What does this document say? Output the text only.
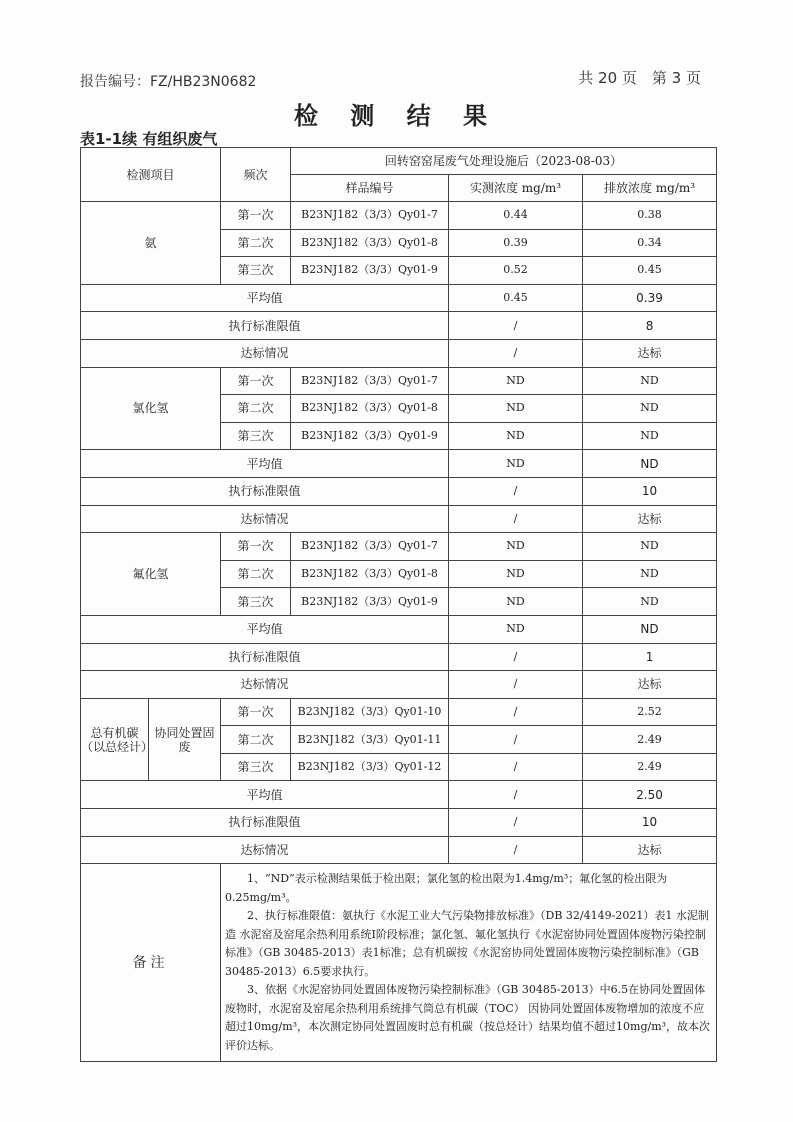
报告编号：FZ/HB23N0682	共 20 页　第 3 页
检 测 结 果
表1-1续 有组织废气
检测项目		频次	回转窑窑尾废气处理设施后（2023-08-03）		
			样品编号	实测浓度 mg/m³	排放浓度 mg/m³
氨		第一次	B23NJ182（3/3）Qy01-7	0.44	0.38
		第二次	B23NJ182（3/3）Qy01-8	0.39	0.34
		第三次	B23NJ182（3/3）Qy01-9	0.52	0.45
平均值				0.45	0.39
执行标准限值				/	8
达标情况				/	达标
氯化氢		第一次	B23NJ182（3/3）Qy01-7	ND	ND
		第二次	B23NJ182（3/3）Qy01-8	ND	ND
		第三次	B23NJ182（3/3）Qy01-9	ND	ND
平均值				ND	ND
执行标准限值				/	10
达标情况				/	达标
氟化氢		第一次	B23NJ182（3/3）Qy01-7	ND	ND
		第二次	B23NJ182（3/3）Qy01-8	ND	ND
		第三次	B23NJ182（3/3）Qy01-9	ND	ND
平均值				ND	ND
执行标准限值				/	1
达标情况				/	达标
总有机碳（以总烃计）	协同处置固废	第一次	B23NJ182（3/3）Qy01-10	/	2.52
		第二次	B23NJ182（3/3）Qy01-11	/	2.49
		第三次	B23NJ182（3/3）Qy01-12	/	2.49
平均值				/	2.50
执行标准限值				/	10
达标情况				/	达标
备注		1、“ND”表示检测结果低于检出限；氯化氢的检出限为1.4mg/m³；氟化氢的检出限为0.25mg/m³。

2、执行标准限值：氨执行《水泥工业大气污染物排放标准》（DB 32/4149-2021）表1 水泥制造 水泥窑及窑尾余热利用系统Ⅰ阶段标准；氯化氢、氟化氢执行《水泥窑协同处置固体废物污染控制标准》（GB 30485-2013）表1标准；总有机碳按《水泥窑协同处置固体废物污染控制标准》（GB 30485-2013）6.5要求执行。

3、依据《水泥窑协同处置固体废物污染控制标准》（GB 30485-2013）中6.5在协同处置固体废物时，水泥窑及窑尾余热利用系统排气筒总有机碳（TOC） 因协同处置固体废物增加的浓度不应超过10mg/m³，本次测定协同处置固废时总有机碳（按总烃计）结果均值不超过10mg/m³，故本次评价达标。			
